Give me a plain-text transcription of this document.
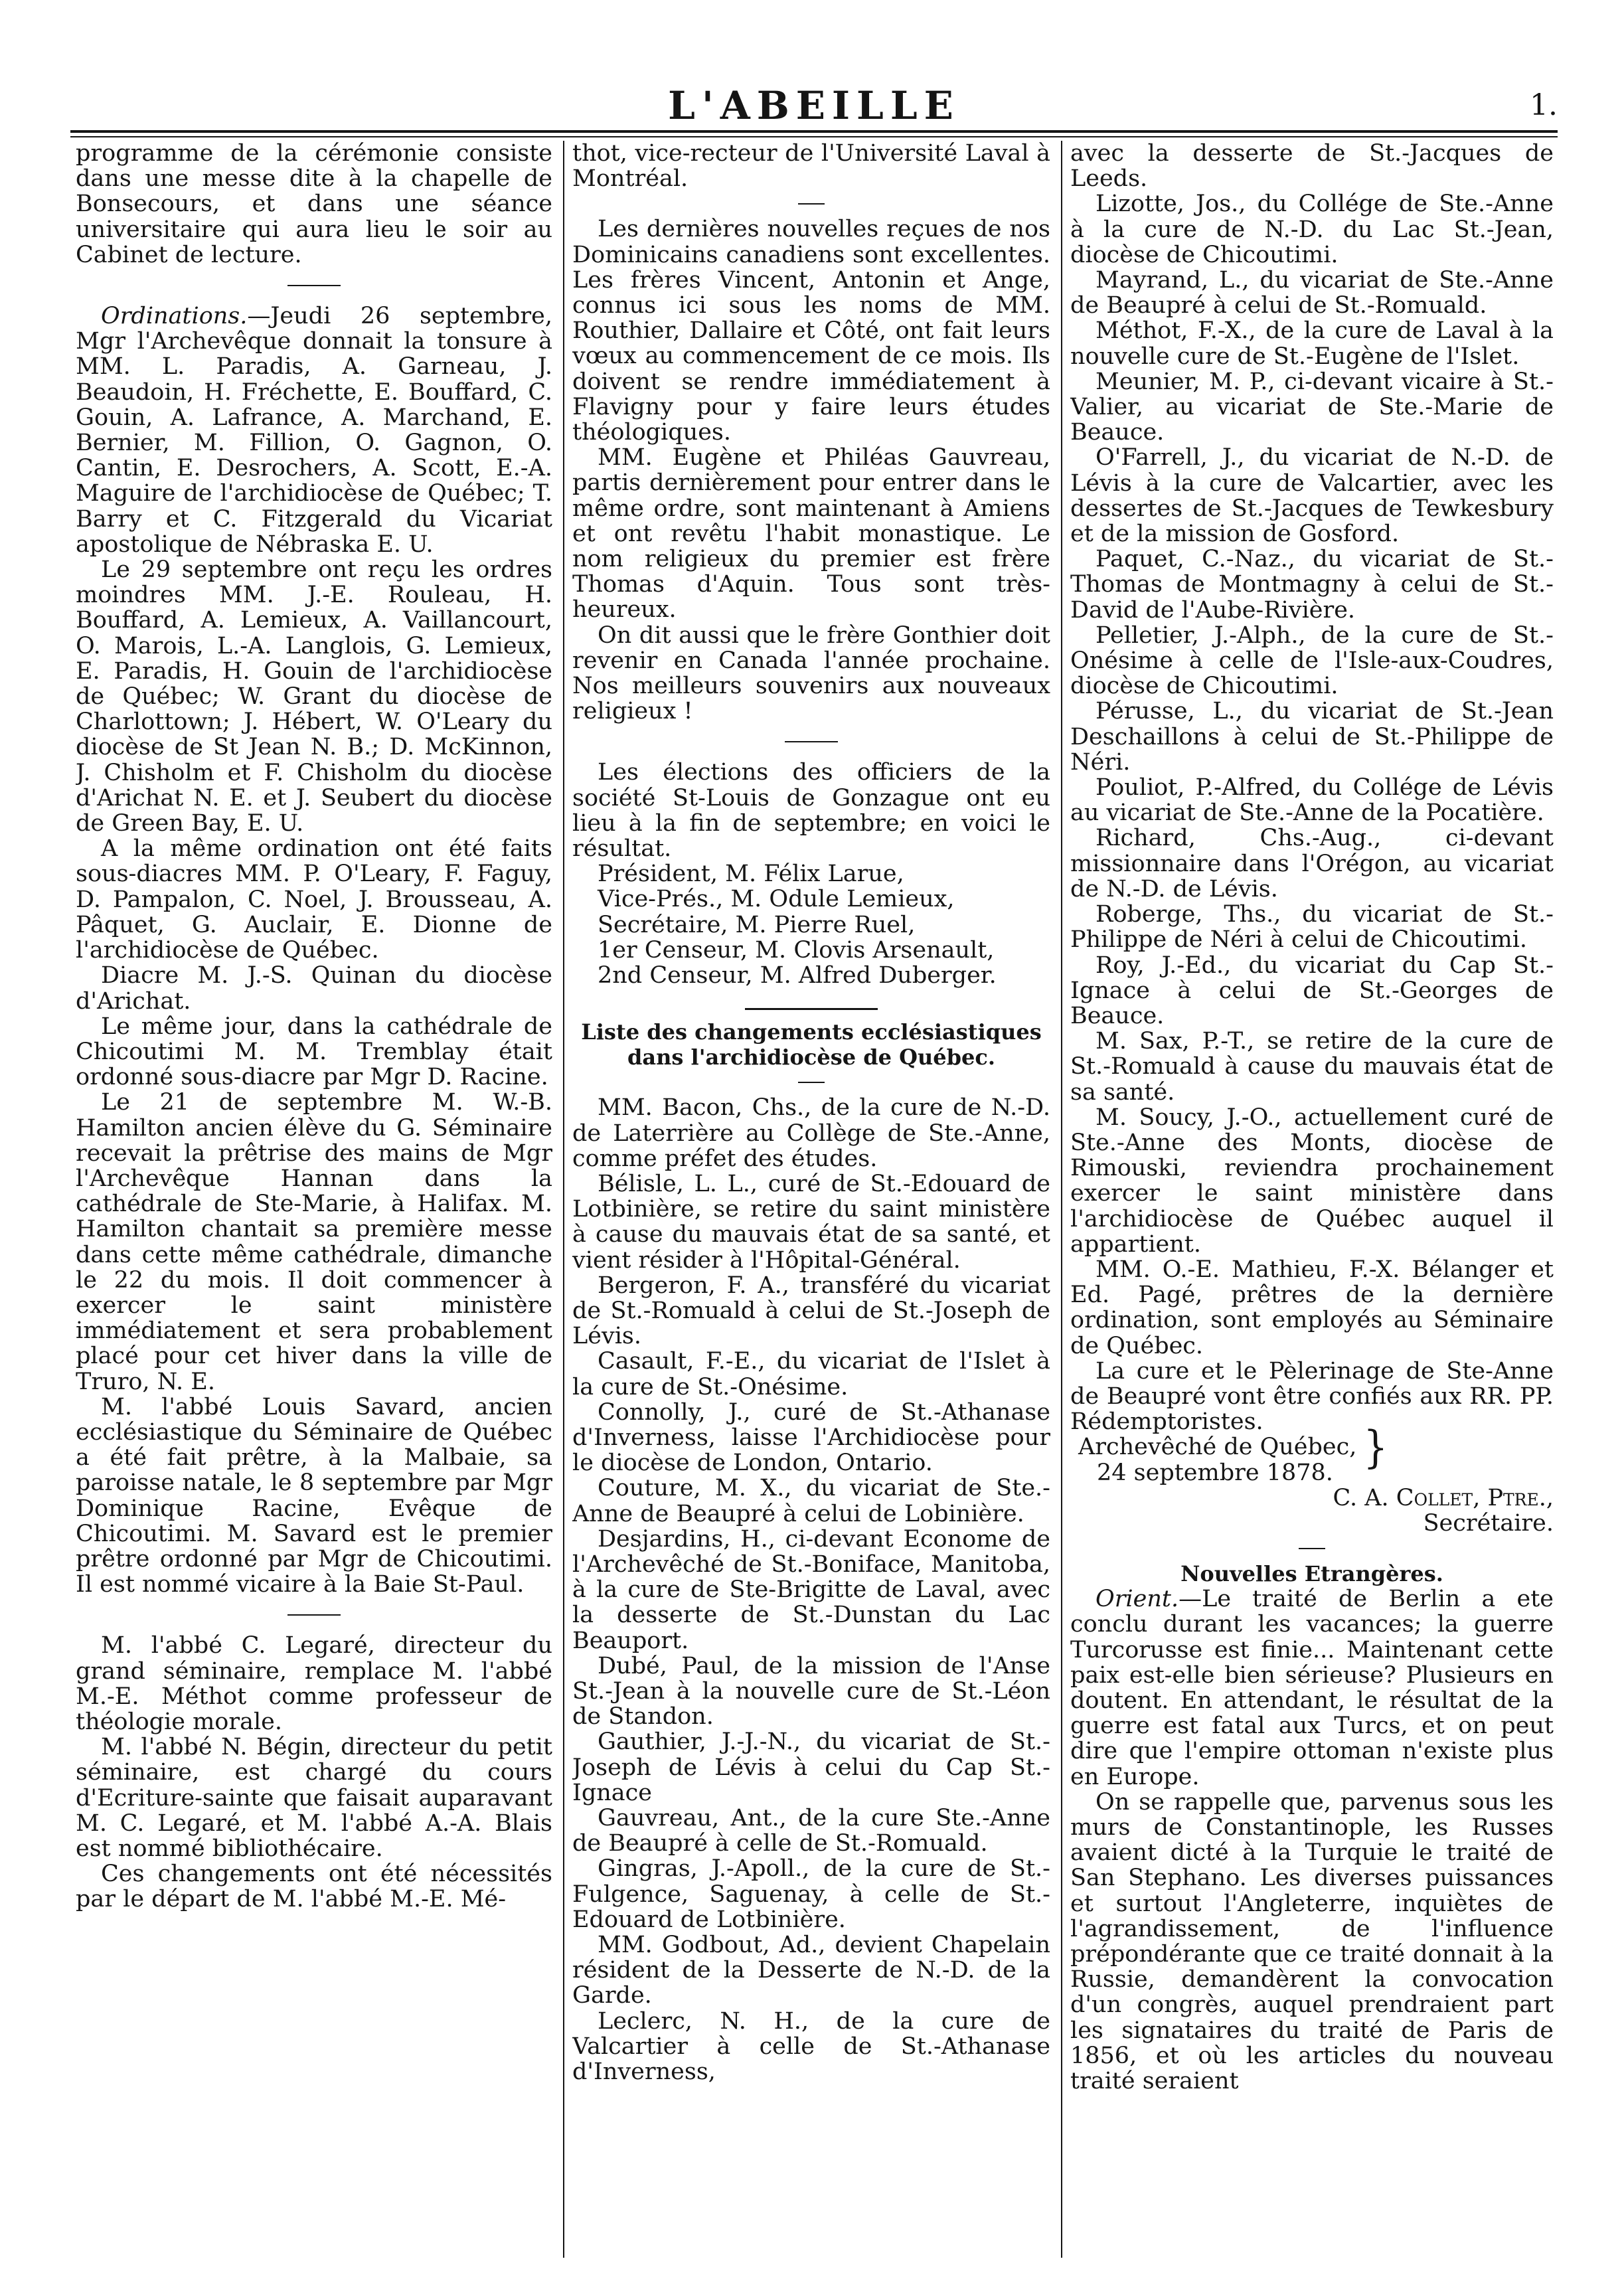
L'ABEILLE	1.

programme de la cérémonie consiste dans une messe dite à la chapelle de Bonsecours, et dans une séance universitaire qui aura lieu le soir au Cabinet de lecture.

Ordinations.—Jeudi 26 septembre, Mgr l'Archevêque donnait la tonsure à MM. L. Paradis, A. Garneau, J. Beaudoin, H. Fréchette, E. Bouffard, C. Gouin, A. Lafrance, A. Marchand, E. Bernier, M. Fillion, O. Gagnon, O. Cantin, E. Desrochers, A. Scott, E.-A. Maguire de l'archidiocèse de Québec; T. Barry et C. Fitzgerald du Vicariat apostolique de Nébraska E. U.

Le 29 septembre ont reçu les ordres moindres MM. J.-E. Rouleau, H. Bouffard, A. Lemieux, A. Vaillancourt, O. Marois, L.-A. Langlois, G. Lemieux, E. Paradis, H. Gouin de l'archidiocèse de Québec; W. Grant du diocèse de Charlottown; J. Hébert, W. O'Leary du diocèse de St Jean N. B.; D. McKinnon, J. Chisholm et F. Chisholm du diocèse d'Arichat N. E. et J. Seubert du diocèse de Green Bay, E. U.

A la même ordination ont été faits sous-diacres MM. P. O'Leary, F. Faguy, D. Pampalon, C. Noel, J. Brousseau, A. Pâquet, G. Auclair, E. Dionne de l'archidiocèse de Québec.

Diacre M. J.-S. Quinan du diocèse d'Arichat.

Le même jour, dans la cathédrale de Chicoutimi M. M. Tremblay était ordonné sous-diacre par Mgr D. Racine.

Le 21 de septembre M. W.-B. Hamilton ancien élève du G. Séminaire recevait la prêtrise des mains de Mgr l'Archevêque Hannan dans la cathédrale de Ste-Marie, à Halifax. M. Hamilton chantait sa première messe dans cette même cathédrale, dimanche le 22 du mois. Il doit commencer à exercer le saint ministère immédiatement et sera probablement placé pour cet hiver dans la ville de Truro, N. E.

M. l'abbé Louis Savard, ancien ecclésiastique du Séminaire de Québec a été fait prêtre, à la Malbaie, sa paroisse natale, le 8 septembre par Mgr Dominique Racine, Evêque de Chicoutimi. M. Savard est le premier prêtre ordonné par Mgr de Chicoutimi. Il est nommé vicaire à la Baie St-Paul.

M. l'abbé C. Legaré, directeur du grand séminaire, remplace M. l'abbé M.-E. Méthot comme professeur de théologie morale.

M. l'abbé N. Bégin, directeur du petit séminaire, est chargé du cours d'Ecriture-sainte que faisait auparavant M. C. Legaré, et M. l'abbé A.-A. Blais est nommé bibliothécaire.

Ces changements ont été nécessités par le départ de M. l'abbé M.-E. Mé-

thot, vice-recteur de l'Université Laval à Montréal.

Les dernières nouvelles reçues de nos Dominicains canadiens sont excellentes. Les frères Vincent, Antonin et Ange, connus ici sous les noms de MM. Routhier, Dallaire et Côté, ont fait leurs vœux au commencement de ce mois. Ils doivent se rendre immédiatement à Flavigny pour y faire leurs études théologiques.

MM. Eugène et Philéas Gauvreau, partis dernièrement pour entrer dans le même ordre, sont maintenant à Amiens et ont revêtu l'habit monastique. Le nom religieux du premier est frère Thomas d'Aquin. Tous sont très-heureux.

On dit aussi que le frère Gonthier doit revenir en Canada l'année prochaine. Nos meilleurs souvenirs aux nouveaux religieux !

Les élections des officiers de la société St-Louis de Gonzague ont eu lieu à la fin de septembre; en voici le résultat.

Président, M. Félix Larue,

Vice-Prés., M. Odule Lemieux,

Secrétaire, M. Pierre Ruel,

1er Censeur, M. Clovis Arsenault,

2nd Censeur, M. Alfred Duberger.

Liste des changements ecclésiastiques dans l'archidiocèse de Québec.

MM. Bacon, Chs., de la cure de N.-D. de Laterrière au Collège de Ste.-Anne, comme préfet des études.

Bélisle, L. L., curé de St.-Edouard de Lotbinière, se retire du saint ministère à cause du mauvais état de sa santé, et vient résider à l'Hôpital-Général.

Bergeron, F. A., transféré du vicariat de St.-Romuald à celui de St.-Joseph de Lévis.

Casault, F.-E., du vicariat de l'Islet à la cure de St.-Onésime.

Connolly, J., curé de St.-Athanase d'Inverness, laisse l'Archidiocèse pour le diocèse de London, Ontario.

Couture, M. X., du vicariat de Ste.-Anne de Beaupré à celui de Lobinière.

Desjardins, H., ci-devant Econome de l'Archevêché de St.-Boniface, Manitoba, à la cure de Ste-Brigitte de Laval, avec la desserte de St.-Dunstan du Lac Beauport.

Dubé, Paul, de la mission de l'Anse St.-Jean à la nouvelle cure de St.-Léon de Standon.

Gauthier, J.-J.-N., du vicariat de St.-Joseph de Lévis à celui du Cap St.-Ignace

Gauvreau, Ant., de la cure Ste.-Anne de Beaupré à celle de St.-Romuald.

Gingras, J.-Apoll., de la cure de St.-Fulgence, Saguenay, à celle de St.-Edouard de Lotbinière.

MM. Godbout, Ad., devient Chapelain résident de la Desserte de N.-D. de la Garde.

Leclerc, N. H., de la cure de Valcartier à celle de St.-Athanase d'Inverness,

avec la desserte de St.-Jacques de Leeds.

Lizotte, Jos., du Collége de Ste.-Anne à la cure de N.-D. du Lac St.-Jean, diocèse de Chicoutimi.

Mayrand, L., du vicariat de Ste.-Anne de Beaupré à celui de St.-Romuald.

Méthot, F.-X., de la cure de Laval à la nouvelle cure de St.-Eugène de l'Islet.

Meunier, M. P., ci-devant vicaire à St.-Valier, au vicariat de Ste.-Marie de Beauce.

O'Farrell, J., du vicariat de N.-D. de Lévis à la cure de Valcartier, avec les dessertes de St.-Jacques de Tewkesbury et de la mission de Gosford.

Paquet, C.-Naz., du vicariat de St.-Thomas de Montmagny à celui de St.-David de l'Aube-Rivière.

Pelletier, J.-Alph., de la cure de St.-Onésime à celle de l'Isle-aux-Coudres, diocèse de Chicoutimi.

Pérusse, L., du vicariat de St.-Jean Deschaillons à celui de St.-Philippe de Néri.

Pouliot, P.-Alfred, du Collége de Lévis au vicariat de Ste.-Anne de la Pocatière.

Richard, Chs.-Aug., ci-devant missionnaire dans l'Orégon, au vicariat de N.-D. de Lévis.

Roberge, Ths., du vicariat de St.-Philippe de Néri à celui de Chicoutimi.

Roy, J.-Ed., du vicariat du Cap St.-Ignace à celui de St.-Georges de Beauce.

M. Sax, P.-T., se retire de la cure de St.-Romuald à cause du mauvais état de sa santé.

M. Soucy, J.-O., actuellement curé de Ste.-Anne des Monts, diocèse de Rimouski, reviendra prochainement exercer le saint ministère dans l'archidiocèse de Québec auquel il appartient.

MM. O.-E. Mathieu, F.-X. Bélanger et Ed. Pagé, prêtres de la dernière ordination, sont employés au Séminaire de Québec.

La cure et le Pèlerinage de Ste-Anne de Beaupré vont être confiés aux RR. PP. Rédemptoristes.

Archevêché de Québec,
24 septembre 1878. }

C. A. Collet, Ptre.,

Secrétaire.

Nouvelles Etrangères.

Orient.—Le traité de Berlin a ete conclu durant les vacances; la guerre Turcorusse est finie... Maintenant cette paix est-elle bien sérieuse? Plusieurs en doutent. En attendant, le résultat de la guerre est fatal aux Turcs, et on peut dire que l'empire ottoman n'existe plus en Europe.

On se rappelle que, parvenus sous les murs de Constantinople, les Russes avaient dicté à la Turquie le traité de San Stephano. Les diverses puissances et surtout l'Angleterre, inquiètes de l'agrandissement, de l'influence prépondérante que ce traité donnait à la Russie, demandèrent la convocation d'un congrès, auquel prendraient part les signataires du traité de Paris de 1856, et où les articles du nouveau traité seraient
